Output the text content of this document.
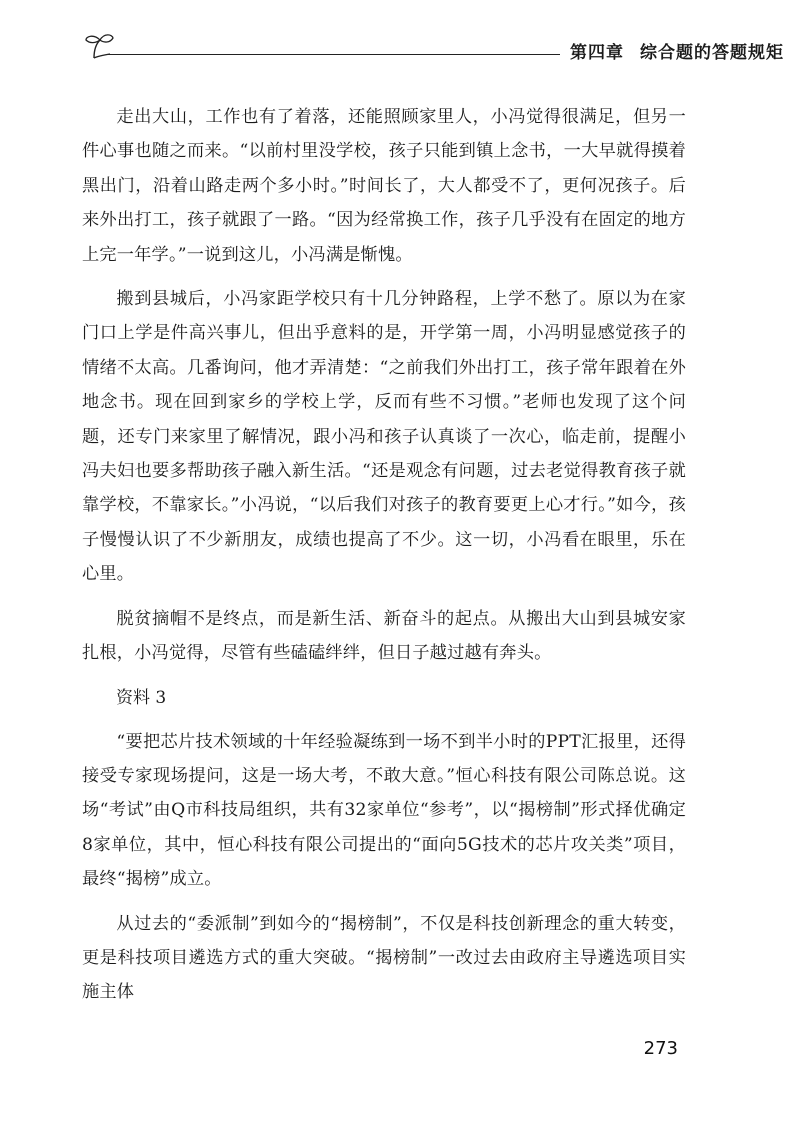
第四章 综合题的答题规矩

走出大山，工作也有了着落，还能照顾家里人，小冯觉得很满足，但另一件心事也随之而来。“以前村里没学校，孩子只能到镇上念书，一大早就得摸着黑出门，沿着山路走两个多小时。”时间长了，大人都受不了，更何况孩子。后来外出打工，孩子就跟了一路。“因为经常换工作，孩子几乎没有在固定的地方上完一年学。”一说到这儿，小冯满是惭愧。

搬到县城后，小冯家距学校只有十几分钟路程，上学不愁了。原以为在家门口上学是件高兴事儿，但出乎意料的是，开学第一周，小冯明显感觉孩子的情绪不太高。几番询问，他才弄清楚：“之前我们外出打工，孩子常年跟着在外地念书。现在回到家乡的学校上学，反而有些不习惯。”老师也发现了这个问题，还专门来家里了解情况，跟小冯和孩子认真谈了一次心，临走前，提醒小冯夫妇也要多帮助孩子融入新生活。“还是观念有问题，过去老觉得教育孩子就靠学校，不靠家长。”小冯说，“以后我们对孩子的教育要更上心才行。”如今，孩子慢慢认识了不少新朋友，成绩也提高了不少。这一切，小冯看在眼里，乐在心里。

脱贫摘帽不是终点，而是新生活、新奋斗的起点。从搬出大山到县城安家扎根，小冯觉得，尽管有些磕磕绊绊，但日子越过越有奔头。

资料 3

“要把芯片技术领域的十年经验凝练到一场不到半小时的PPT汇报里，还得接受专家现场提问，这是一场大考，不敢大意。”恒心科技有限公司陈总说。这场“考试”由Q市科技局组织，共有32家单位“参考”，以“揭榜制”形式择优确定8家单位，其中，恒心科技有限公司提出的“面向5G技术的芯片攻关类”项目，最终“揭榜”成立。

从过去的“委派制”到如今的“揭榜制”，不仅是科技创新理念的重大转变，更是科技项目遴选方式的重大突破。“揭榜制”一改过去由政府主导遴选项目实施主体

273
